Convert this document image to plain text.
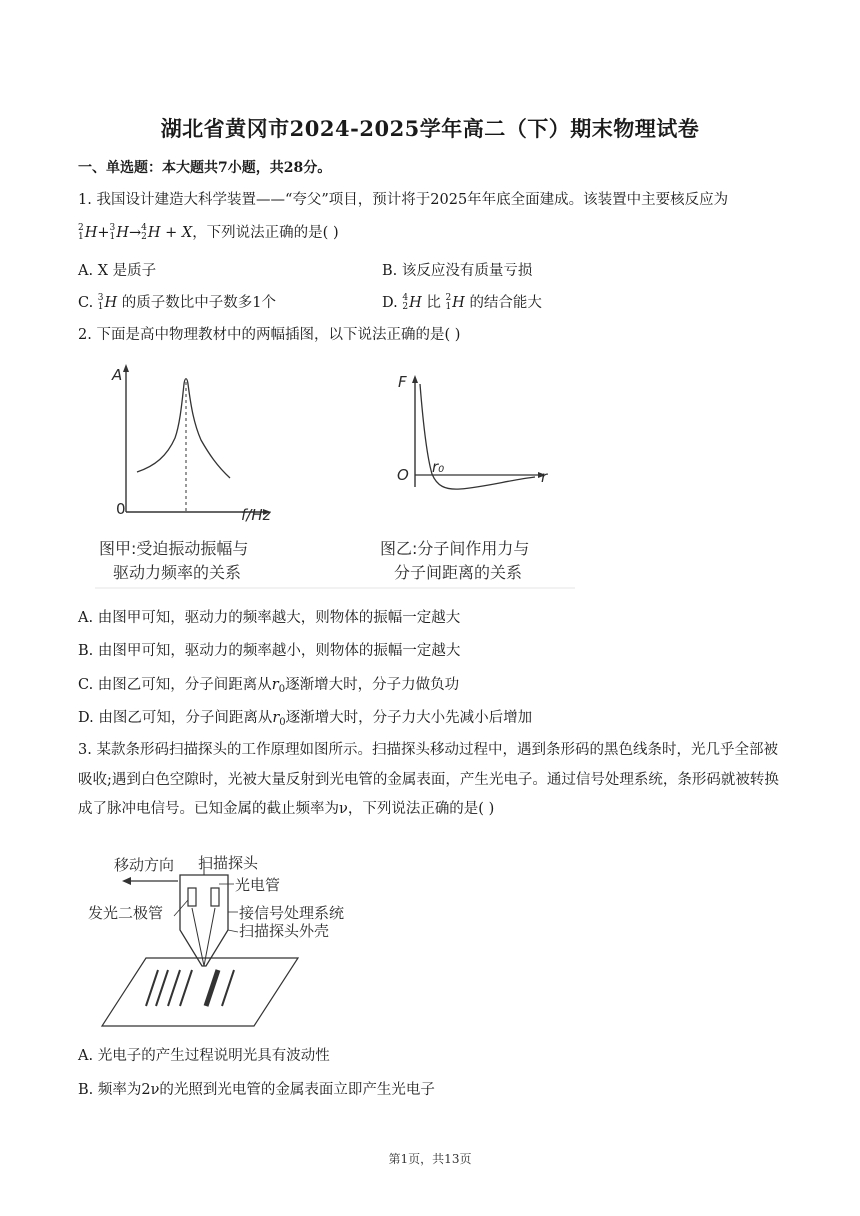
湖北省黄冈市2024-2025学年高二（下）期末物理试卷
一、单选题：本大题共7小题，共28分。
1. 我国设计建造大科学装置——“夸父”项目，预计将于2025年年底全面建成。该装置中主要核反应为
2
1 H+ 3
1 H→ 4
2 H + X，下列说法正确的是( )
A. X 是质子	B. 该反应没有质量亏损
C. 3
1 H 的质子数比中子数多1个	D. 4
2 H 比 2
1 H 的结合能大
2. 下面是高中物理教材中的两幅插图，以下说法正确的是( )
A
0	f/Hz
图甲:受迫振动振幅与
驱动力频率的关系
F
O	r
r₀
图乙:分子间作用力与
分子间距离的关系
A. 由图甲可知，驱动力的频率越大，则物体的振幅一定越大
B. 由图甲可知，驱动力的频率越小，则物体的振幅一定越大
C. 由图乙可知，分子间距离从$r_0$逐渐增大时，分子力做负功
D. 由图乙可知，分子间距离从$r_0$逐渐增大时，分子力大小先减小后增加
3. 某款条形码扫描探头的工作原理如图所示。扫描探头移动过程中，遇到条形码的黑色线条时，光几乎全部被吸收;遇到白色空隙时，光被大量反射到光电管的金属表面，产生光电子。通过信号处理系统，条形码就被转换成了脉冲电信号。已知金属的截止频率为ν，下列说法正确的是( )
移动方向 扫描探头
光电管
发光二极管	接信号处理系统
扫描探头外壳
A. 光电子的产生过程说明光具有波动性
B. 频率为2ν的光照到光电管的金属表面立即产生光电子
第1页，共13页
